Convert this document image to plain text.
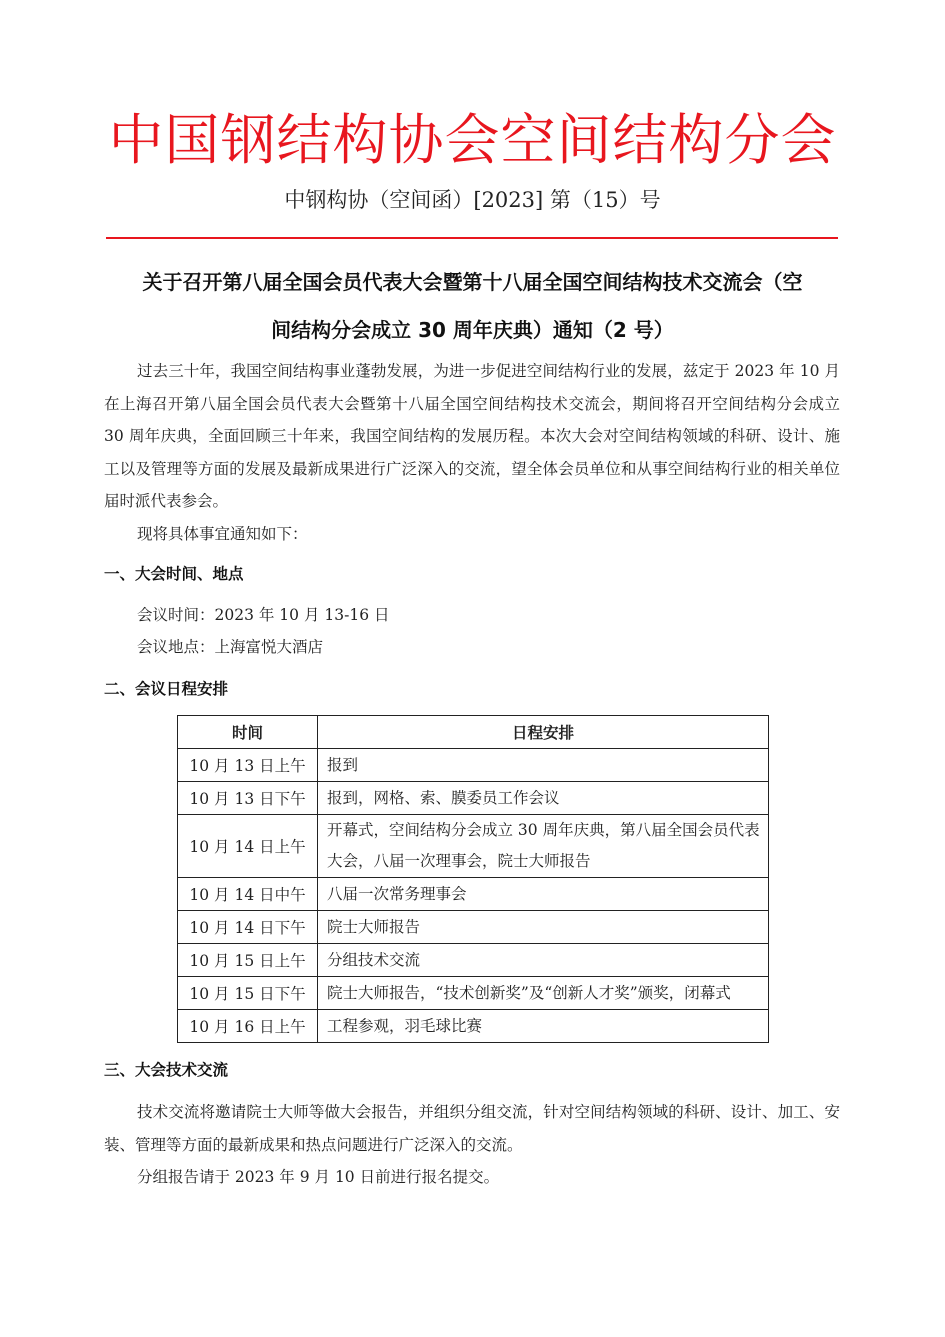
中国钢结构协会空间结构分会
中钢构协（空间函）[2023] 第（15）号
关于召开第八届全国会员代表大会暨第十八届全国空间结构技术交流会（空
间结构分会成立 30 周年庆典）通知（2 号）

过去三十年，我国空间结构事业蓬勃发展，为进一步促进空间结构行业的发展，兹定于 2023 年 10 月在上海召开第八届全国会员代表大会暨第十八届全国空间结构技术交流会，期间将召开空间结构分会成立 30 周年庆典，全面回顾三十年来，我国空间结构的发展历程。本次大会对空间结构领域的科研、设计、施工以及管理等方面的发展及最新成果进行广泛深入的交流，望全体会员单位和从事空间结构行业的相关单位届时派代表参会。

现将具体事宜通知如下：

一、大会时间、地点
会议时间：2023 年 10 月 13-16 日
会议地点：上海富悦大酒店
二、会议日程安排
时间	日程安排
10 月 13 日上午	报到
10 月 13 日下午	报到，网格、索、膜委员工作会议
10 月 14 日上午	开幕式，空间结构分会成立 30 周年庆典，第八届全国会员代表大会，八届一次理事会，院士大师报告
10 月 14 日中午	八届一次常务理事会
10 月 14 日下午	院士大师报告
10 月 15 日上午	分组技术交流
10 月 15 日下午	院士大师报告，“技术创新奖”及“创新人才奖”颁奖，闭幕式
10 月 16 日上午	工程参观，羽毛球比赛
三、大会技术交流

技术交流将邀请院士大师等做大会报告，并组织分组交流，针对空间结构领域的科研、设计、加工、安装、管理等方面的最新成果和热点问题进行广泛深入的交流。

分组报告请于 2023 年 9 月 10 日前进行报名提交。
